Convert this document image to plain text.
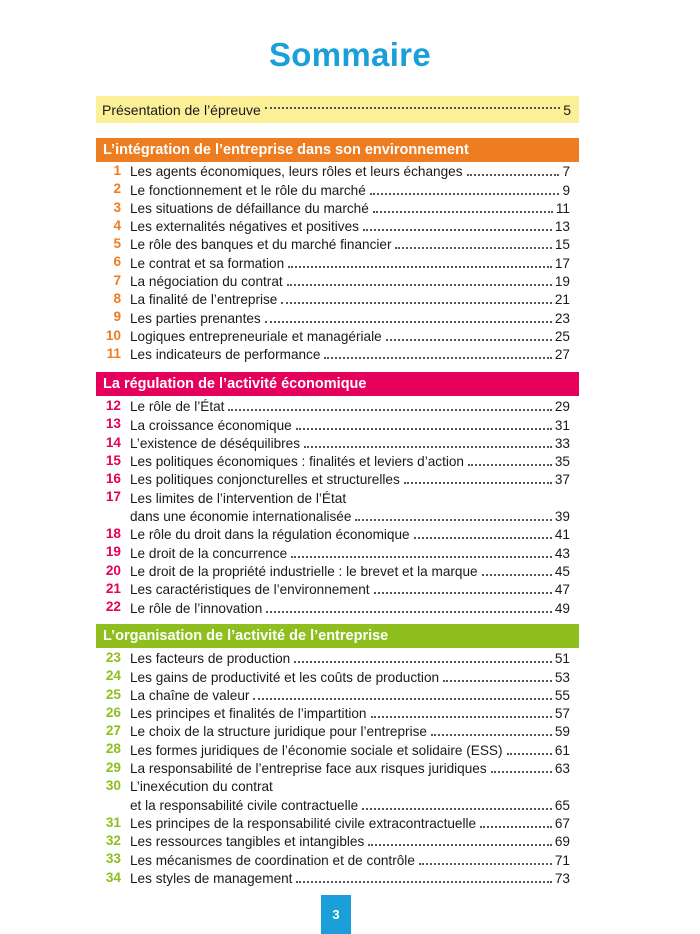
Sommaire
Présentation de l’épreuve	5
L’intégration de l’entreprise dans son environnement
1 Les agents économiques, leurs rôles et leurs échanges	7
2 Le fonctionnement et le rôle du marché	9
3 Les situations de défaillance du marché	11
4 Les externalités négatives et positives	13
5 Le rôle des banques et du marché financier	15
6 Le contrat et sa formation	17
7 La négociation du contrat	19
8 La finalité de l’entreprise	21
9 Les parties prenantes	23
10 Logiques entrepreneuriale et managériale	25
11 Les indicateurs de performance	27
La régulation de l’activité économique
12 Le rôle de l’État	29
13 La croissance économique	31
14 L’existence de déséquilibres	33
15 Les politiques économiques : finalités et leviers d’action	35
16 Les politiques conjoncturelles et structurelles	37
17 Les limites de l’intervention de l’État
dans une économie internationalisée	39
18 Le rôle du droit dans la régulation économique	41
19 Le droit de la concurrence	43
20 Le droit de la propriété industrielle : le brevet et la marque	45
21 Les caractéristiques de l’environnement	47
22 Le rôle de l’innovation	49
L’organisation de l’activité de l’entreprise
23 Les facteurs de production	51
24 Les gains de productivité et les coûts de production	53
25 La chaîne de valeur	55
26 Les principes et finalités de l’impartition	57
27 Le choix de la structure juridique pour l’entreprise	59
28 Les formes juridiques de l’économie sociale et solidaire (ESS)	61
29 La responsabilité de l’entreprise face aux risques juridiques	63
30 L’inexécution du contrat
et la responsabilité civile contractuelle	65
31 Les principes de la responsabilité civile extracontractuelle	67
32 Les ressources tangibles et intangibles	69
33 Les mécanismes de coordination et de contrôle	71
34 Les styles de management	73
3
